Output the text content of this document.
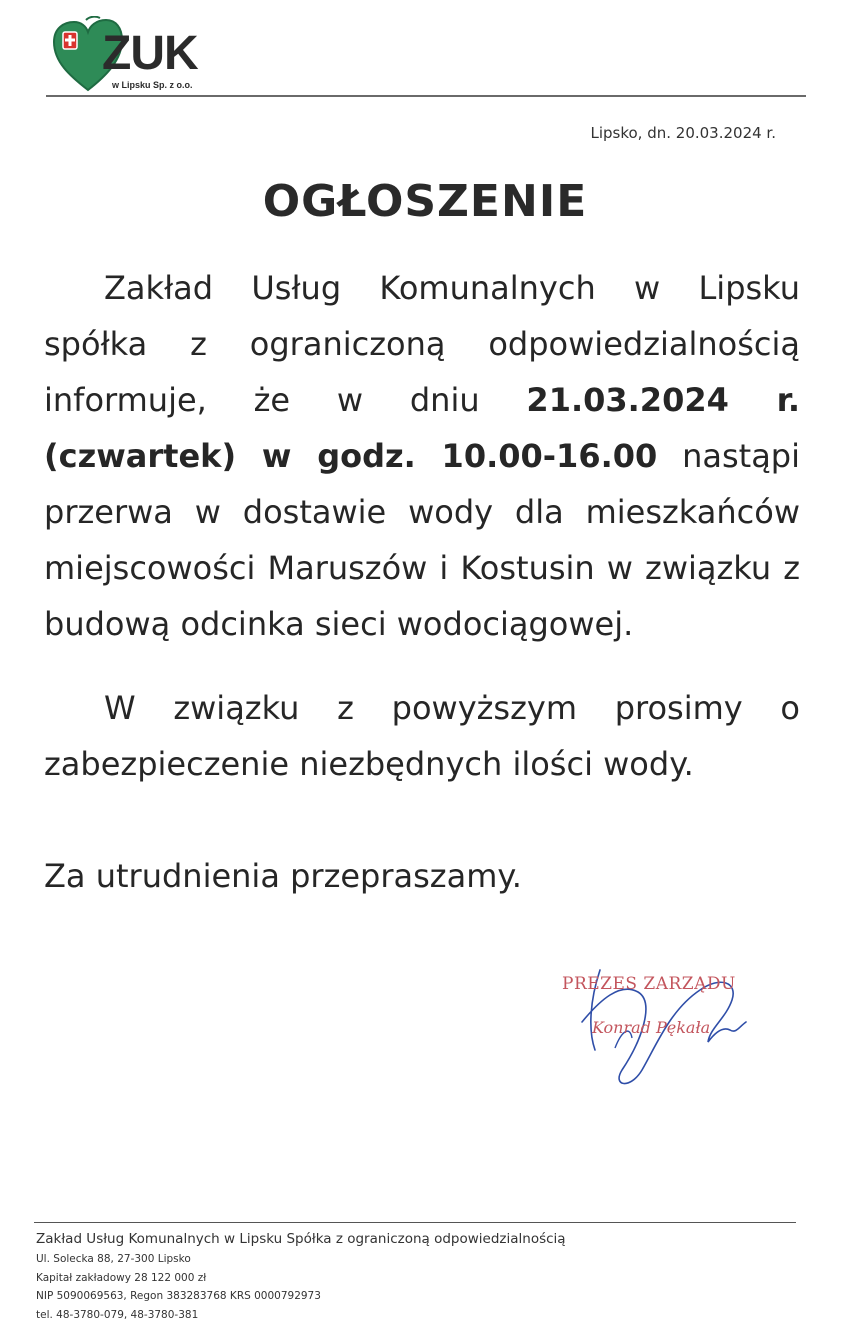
ZUK
w Lipsku Sp. z o.o.
Lipsko, dn. 20.03.2024 r.
OGŁOSZENIE

Zakład Usług Komunalnych w Lipsku spółka z ograniczoną odpowiedzialnością informuje, że w dniu 21.03.2024 r. (czwartek) w godz. 10.00-16.00 nastąpi przerwa w dostawie wody dla mieszkańców miejscowości Maruszów i Kostusin w związku z budową odcinka sieci wodociągowej.

W związku z powyższym prosimy o zabezpieczenie niezbędnych ilości wody.

Za utrudnienia przepraszamy.

PREZES ZARZĄDU
Konrad Pękała
Zakład Usług Komunalnych w Lipsku Spółka z ograniczoną odpowiedzialnością
Ul. Solecka 88, 27-300 Lipsko
Kapitał zakładowy 28 122 000 zł
NIP 5090069563, Regon 383283768 KRS 0000792973
tel. 48-3780-079, 48-3780-381
